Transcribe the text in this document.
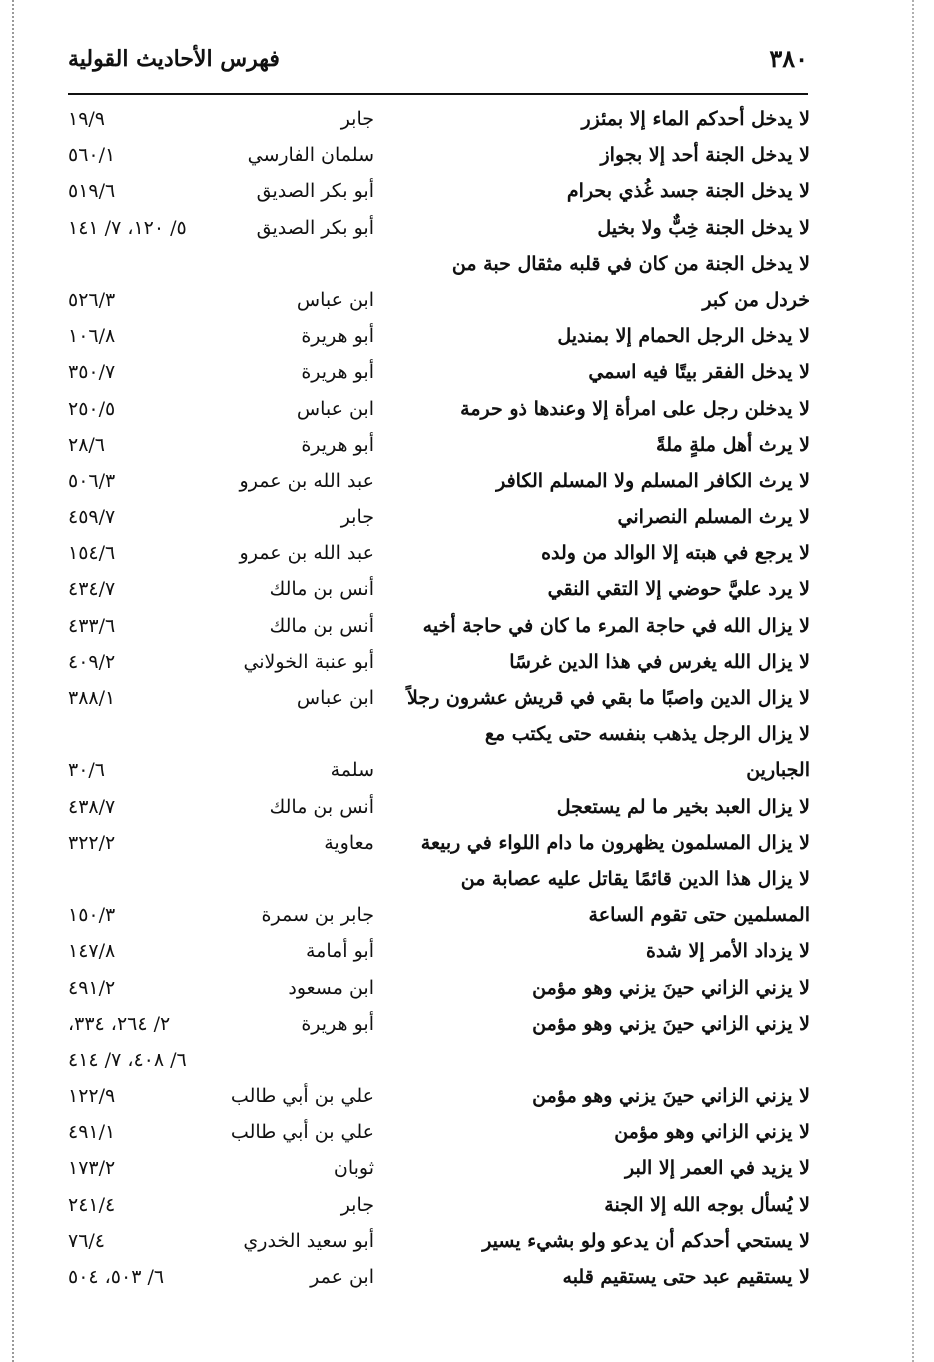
٣٨٠
فهرس الأحاديث القولية
لا يدخل أحدكم الماء إلا بمئزر
جابر
١٩/٩
لا يدخل الجنة أحد إلا بجواز
سلمان الفارسي
٥٦٠/١
لا يدخل الجنة جسد غُذي بحرام
أبو بكر الصديق
٥١٩/٦
لا يدخل الجنة خِبٌّ ولا بخيل
أبو بكر الصديق
٥/ ١٢٠، ٧/ ١٤١
لا يدخل الجنة من كان في قلبه مثقال حبة من
خردل من كبر
ابن عباس
٥٢٦/٣
لا يدخل الرجل الحمام إلا بمنديل
أبو هريرة
١٠٦/٨
لا يدخل الفقر بيتًا فيه اسمي
أبو هريرة
٣٥٠/٧
لا يدخلن رجل على امرأة إلا وعندها ذو حرمة
ابن عباس
٢٥٠/٥
لا يرث أهل ملةٍ ملةً
أبو هريرة
٢٨/٦
لا يرث الكافر المسلم ولا المسلم الكافر
عبد الله بن عمرو
٥٠٦/٣
لا يرث المسلم النصراني
جابر
٤٥٩/٧
لا يرجع في هبته إلا الوالد من ولده
عبد الله بن عمرو
١٥٤/٦
لا يرد عليَّ حوضي إلا التقي النقي
أنس بن مالك
٤٣٤/٧
لا يزال الله في حاجة المرء ما كان في حاجة أخيه
أنس بن مالك
٤٣٣/٦
لا يزال الله يغرس في هذا الدين غرسًا
أبو عنبة الخولاني
٤٠٩/٢
لا يزال الدين واصبًا ما بقي في قريش عشرون رجلاً
ابن عباس
٣٨٨/١
لا يزال الرجل يذهب بنفسه حتى يكتب مع
الجبارين
سلمة
٣٠/٦
لا يزال العبد بخير ما لم يستعجل
أنس بن مالك
٤٣٨/٧
لا يزال المسلمون يظهرون ما دام اللواء في ربيعة
معاوية
٣٢٢/٢
لا يزال هذا الدين قائمًا يقاتل عليه عصابة من
المسلمين حتى تقوم الساعة
جابر بن سمرة
١٥٠/٣
لا يزداد الأمر إلا شدة
أبو أمامة
١٤٧/٨
لا يزني الزاني حينَ يزني وهو مؤمن
ابن مسعود
٤٩١/٢
لا يزني الزاني حينَ يزني وهو مؤمن
أبو هريرة
٢/ ٢٦٤، ٣٣٤،
٦/ ٤٠٨، ٧/ ٤١٤
لا يزني الزاني حينَ يزني وهو مؤمن
علي بن أبي طالب
١٢٢/٩
لا يزني الزاني وهو مؤمن
علي بن أبي طالب
٤٩١/١
لا يزيد في العمر إلا البر
ثوبان
١٧٣/٢
لا يُسأل بوجه الله إلا الجنة
جابر
٢٤١/٤
لا يستحي أحدكم أن يدعو ولو بشيء يسير
أبو سعيد الخدري
٧٦/٤
لا يستقيم عبد حتى يستقيم قلبه
ابن عمر
٦/ ٥٠٣، ٥٠٤
